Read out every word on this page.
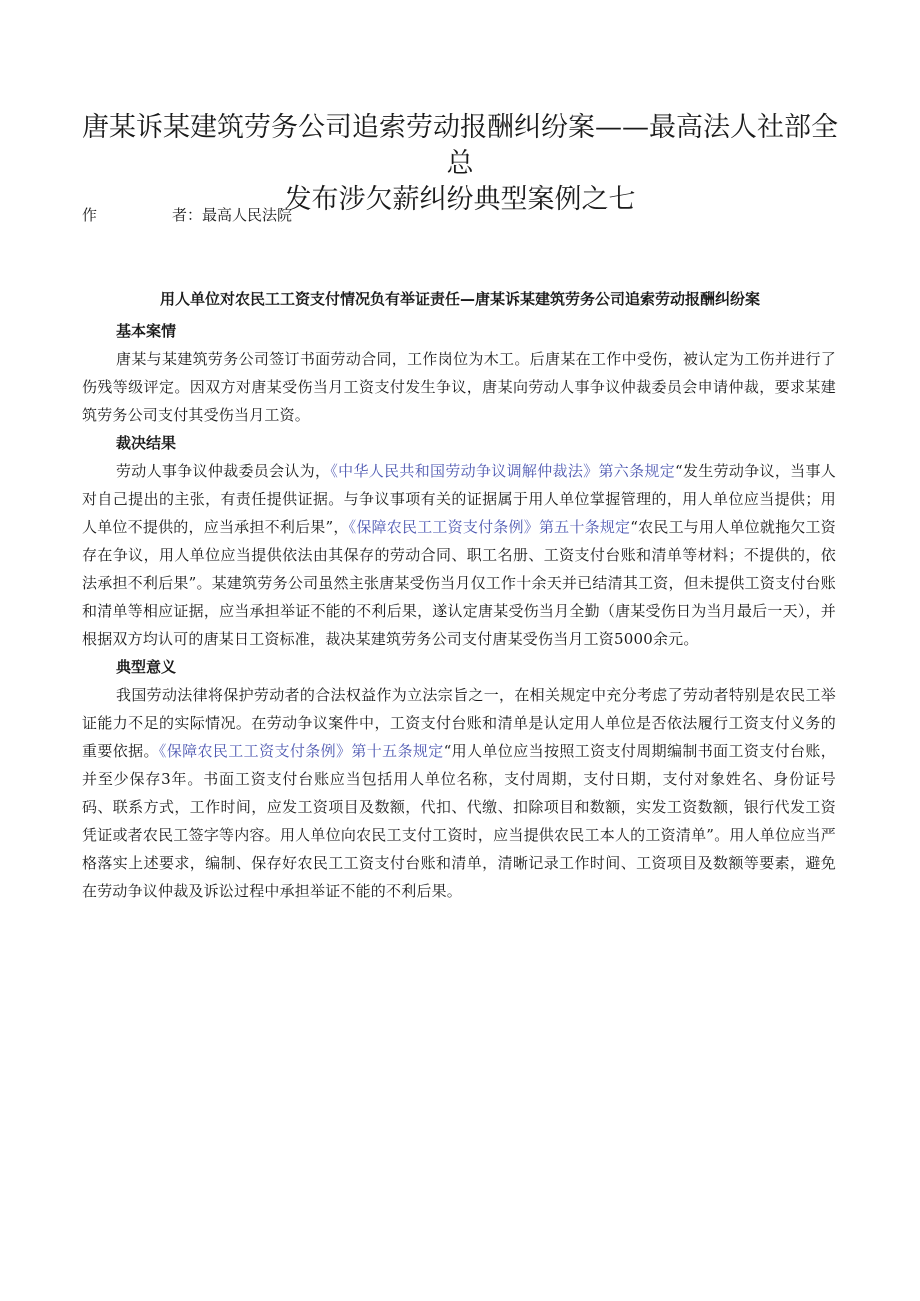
唐某诉某建筑劳务公司追索劳动报酬纠纷案——最高法人社部全总
发布涉欠薪纠纷典型案例之七
作	者：最高人民法院
用人单位对农民工工资支付情况负有举证责任—唐某诉某建筑劳务公司追索劳动报酬纠纷案
基本案情

唐某与某建筑劳务公司签订书面劳动合同，工作岗位为木工。后唐某在工作中受伤，被认定为工伤并进行了伤残等级评定。因双方对唐某受伤当月工资支付发生争议，唐某向劳动人事争议仲裁委员会申请仲裁，要求某建筑劳务公司支付其受伤当月工资。

裁决结果

劳动人事争议仲裁委员会认为，《中华人民共和国劳动争议调解仲裁法》第六条规定“发生劳动争议，当事人对自己提出的主张，有责任提供证据。与争议事项有关的证据属于用人单位掌握管理的，用人单位应当提供；用人单位不提供的，应当承担不利后果”，《保障农民工工资支付条例》第五十条规定“农民工与用人单位就拖欠工资存在争议，用人单位应当提供依法由其保存的劳动合同、职工名册、工资支付台账和清单等材料；不提供的，依法承担不利后果”。某建筑劳务公司虽然主张唐某受伤当月仅工作十余天并已结清其工资，但未提供工资支付台账和清单等相应证据，应当承担举证不能的不利后果，遂认定唐某受伤当月全勤（唐某受伤日为当月最后一天），并根据双方均认可的唐某日工资标准，裁决某建筑劳务公司支付唐某受伤当月工资5000余元。

典型意义

我国劳动法律将保护劳动者的合法权益作为立法宗旨之一，在相关规定中充分考虑了劳动者特别是农民工举证能力不足的实际情况。在劳动争议案件中，工资支付台账和清单是认定用人单位是否依法履行工资支付义务的重要依据。《保障农民工工资支付条例》第十五条规定“用人单位应当按照工资支付周期编制书面工资支付台账，并至少保存3年。书面工资支付台账应当包括用人单位名称，支付周期，支付日期，支付对象姓名、身份证号码、联系方式，工作时间，应发工资项目及数额，代扣、代缴、扣除项目和数额，实发工资数额，银行代发工资凭证或者农民工签字等内容。用人单位向农民工支付工资时，应当提供农民工本人的工资清单”。用人单位应当严格落实上述要求，编制、保存好农民工工资支付台账和清单，清晰记录工作时间、工资项目及数额等要素，避免在劳动争议仲裁及诉讼过程中承担举证不能的不利后果。
